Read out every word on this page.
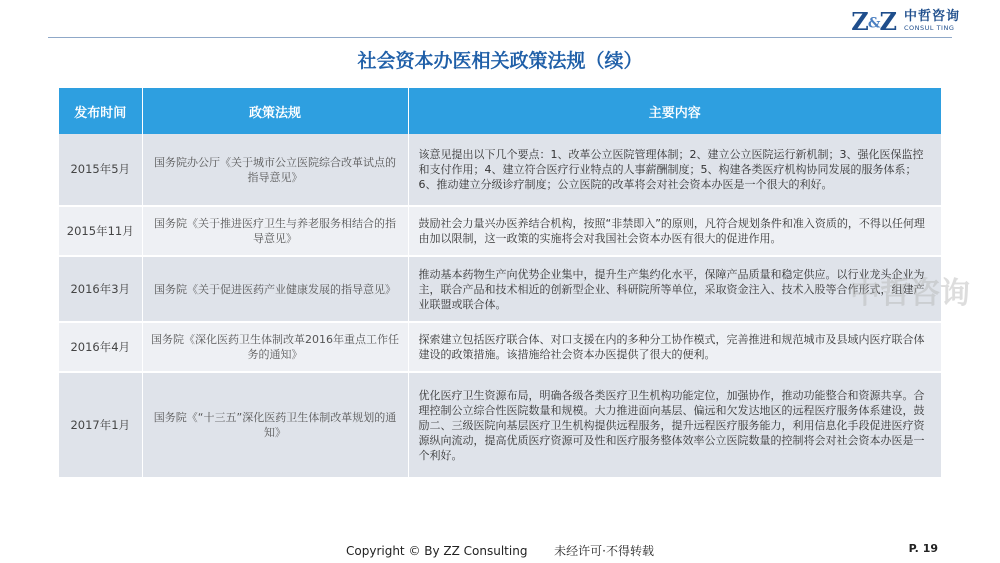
Z&Z 中哲咨询
CONSUL TING
社会资本办医相关政策法规（续）
发布时间	政策法规	主要内容
2015年5月	国务院办公厅《关于城市公立医院综合改革试点的指导意见》	该意见提出以下几个要点：1、改革公立医院管理体制；2、建立公立医院运行新机制；3、强化医保监控和支付作用；4、建立符合医疗行业特点的人事薪酬制度；5、构建各类医疗机构协同发展的服务体系；6、推动建立分级诊疗制度；公立医院的改革将会对社会资本办医是一个很大的利好。
2015年11月	国务院《关于推进医疗卫生与养老服务相结合的指导意见》	鼓励社会力量兴办医养结合机构，按照“非禁即入”的原则，凡符合规划条件和准入资质的，不得以任何理由加以限制，这一政策的实施将会对我国社会资本办医有很大的促进作用。
2016年3月	国务院《关于促进医药产业健康发展的指导意见》	推动基本药物生产向优势企业集中，提升生产集约化水平，保障产品质量和稳定供应。以行业龙头企业为主，联合产品和技术相近的创新型企业、科研院所等单位，采取资金注入、技术入股等合作形式，组建产业联盟或联合体。
2016年4月	国务院《深化医药卫生体制改革2016年重点工作任务的通知》	探索建立包括医疗联合体、对口支援在内的多种分工协作模式，完善推进和规范城市及县域内医疗联合体建设的政策措施。该措施给社会资本办医提供了很大的便利。
2017年1月	国务院《“十三五”深化医药卫生体制改革规划的通知》	优化医疗卫生资源布局，明确各级各类医疗卫生机构功能定位，加强协作，推动功能整合和资源共享。合理控制公立综合性医院数量和规模。大力推进面向基层、偏远和欠发达地区的远程医疗服务体系建设，鼓励二、三级医院向基层医疗卫生机构提供远程服务，提升远程医疗服务能力，利用信息化手段促进医疗资源纵向流动，提高优质医疗资源可及性和医疗服务整体效率公立医院数量的控制将会对社会资本办医是一个利好。
中哲咨询
Copyright © By ZZ Consulting 未经许可·不得转载	P. 19
